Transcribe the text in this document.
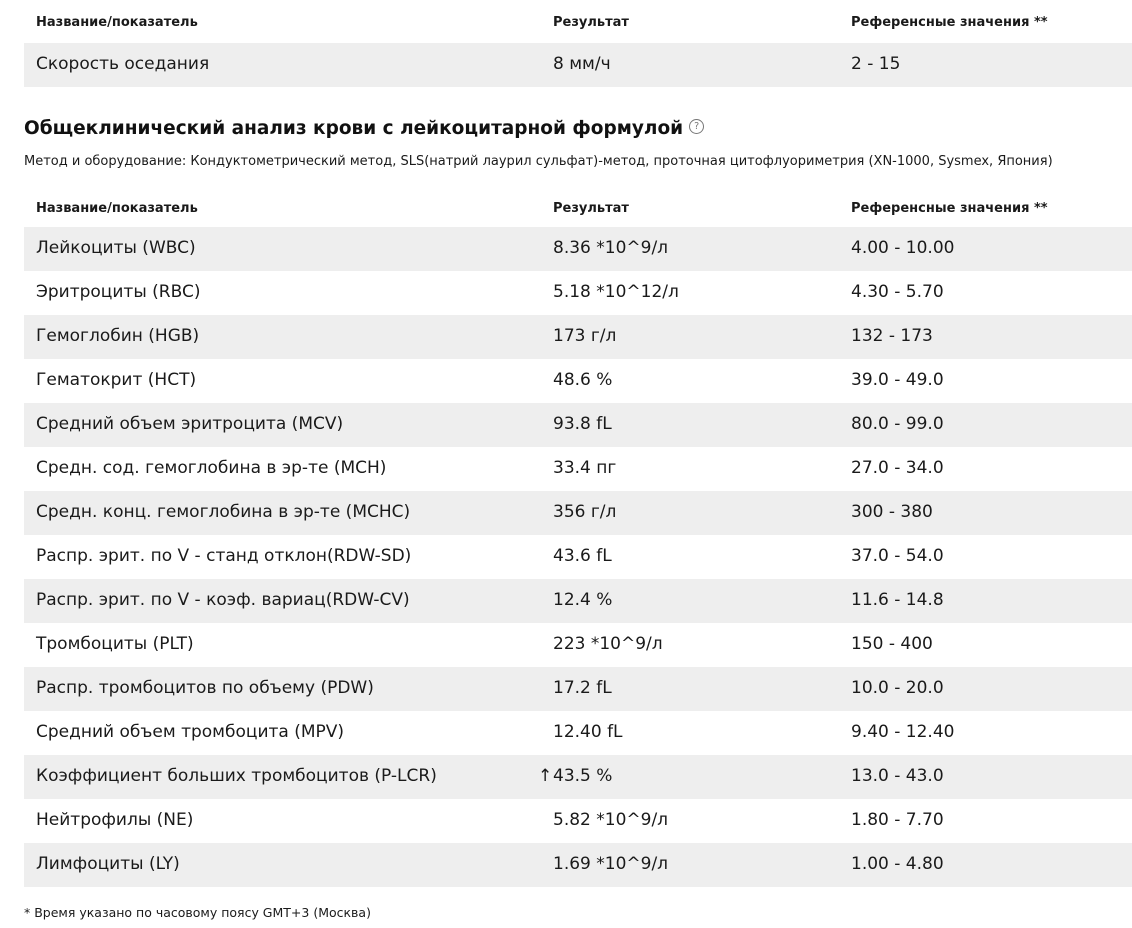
Название/показатель	Результат	Референсные значения **
Скорость оседания	8 мм/ч	2 - 15
Общеклинический анализ крови с лейкоцитарной формулой ?
Метод и оборудование: Кондуктометрический метод, SLS(натрий лаурил сульфат)-метод, проточная цитофлуориметрия (XN-1000, Sysmex, Япония)
Название/показатель	Результат	Референсные значения **
Лейкоциты (WBC)	8.36 *10^9/л	4.00 - 10.00
Эритроциты (RBC)	5.18 *10^12/л	4.30 - 5.70
Гемоглобин (HGB)	173 г/л	132 - 173
Гематокрит (HCT)	48.6 %	39.0 - 49.0
Средний объем эритроцита (MCV)	93.8 fL	80.0 - 99.0
Средн. сод. гемоглобина в эр-те (MCH)	33.4 пг	27.0 - 34.0
Средн. конц. гемоглобина в эр-те (MCHC)	356 г/л	300 - 380
Распр. эрит. по V - станд отклон(RDW-SD)	43.6 fL	37.0 - 54.0
Распр. эрит. по V - коэф. вариац(RDW-CV)	12.4 %	11.6 - 14.8
Тромбоциты (PLT)	223 *10^9/л	150 - 400
Распр. тромбоцитов по объему (PDW)	17.2 fL	10.0 - 20.0
Средний объем тромбоцита (MPV)	12.40 fL	9.40 - 12.40
Коэффициент больших тромбоцитов (P-LCR)	↑ 43.5 %	13.0 - 43.0
Нейтрофилы (NE)	5.82 *10^9/л	1.80 - 7.70
Лимфоциты (LY)	1.69 *10^9/л	1.00 - 4.80
* Время указано по часовому поясу GMT+3 (Москва)
